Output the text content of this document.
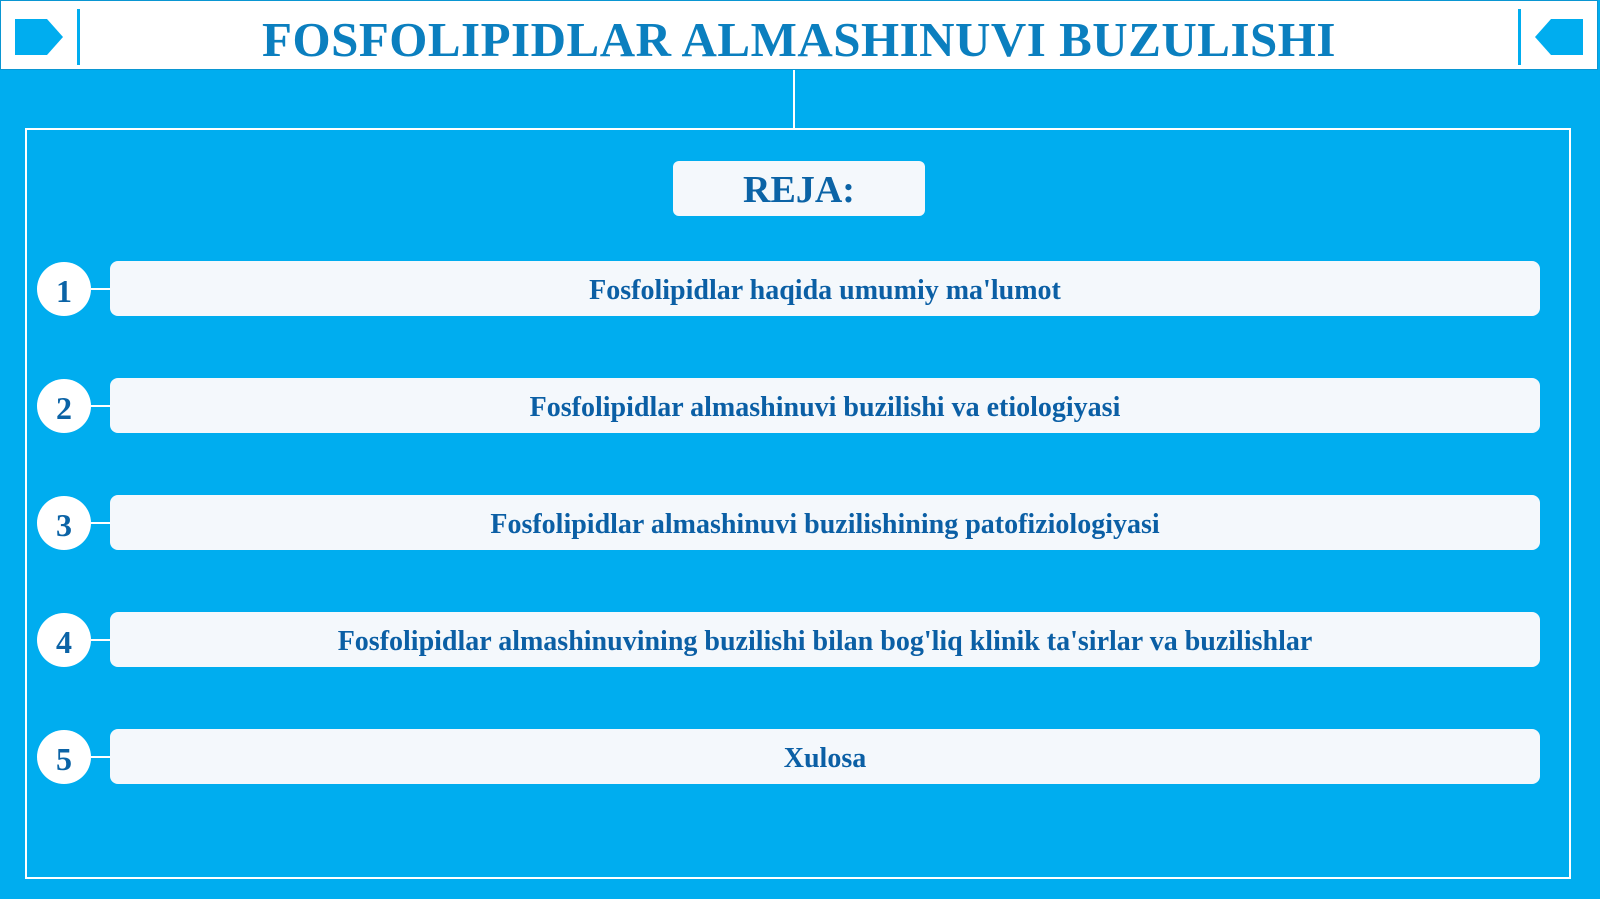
FOSFOLIPIDLAR ALMASHINUVI BUZULISHI
REJA:
1	Fosfolipidlar haqida umumiy ma'lumot
2	Fosfolipidlar almashinuvi buzilishi va etiologiyasi
3	Fosfolipidlar almashinuvi buzilishining patofiziologiyasi
4	Fosfolipidlar almashinuvining buzilishi bilan bog'liq klinik ta'sirlar va buzilishlar
5	Xulosa
